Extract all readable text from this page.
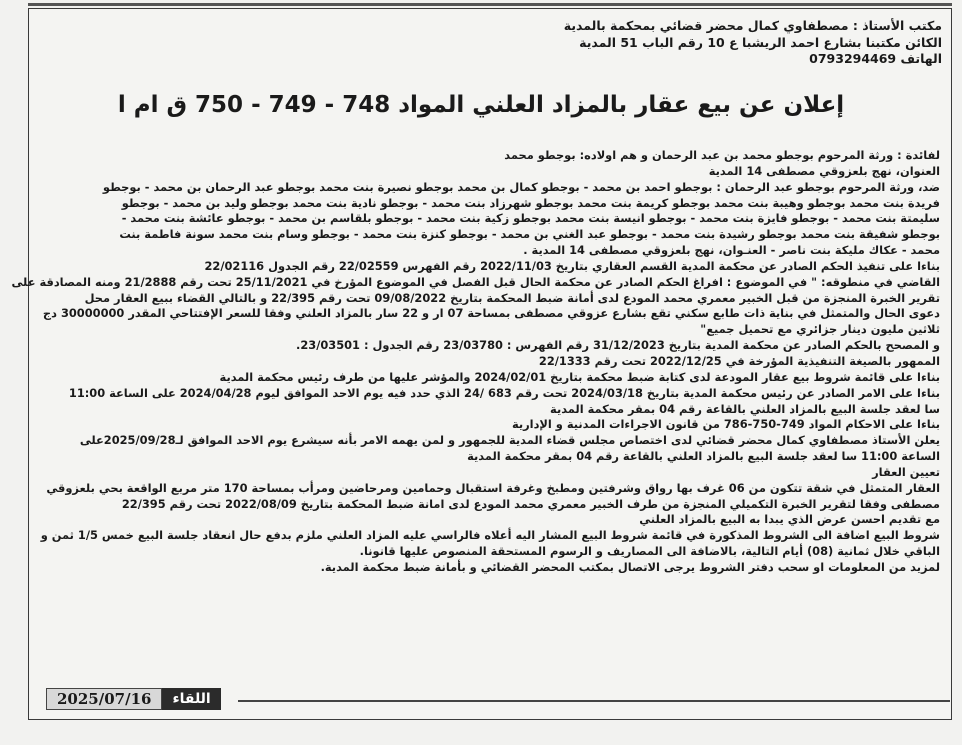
مكتب الأستاذ : مصطفاوي كمال محضر قضائي بمحكمة بالمدية
الكائن مكتبنا بشارع احمد الريشبا ع 10 رقم الباب 51 المدية
الهاتف 0793294469
إعلان عن بيع عقار بالمزاد العلني المواد 748 - 749 - 750 ق ام ا
لفائدة : ورثة المرحوم بوجطو محمد بن عبد الرحمان و هم اولاده: بوجطو محمد
العنوان، نهج بلعزوقي مصطفى 14 المدية
ضد، ورثة المرحوم بوجطو عبد الرحمان : بوجطو احمد بن محمد - بوجطو كمال بن محمد بوجطو نصيرة بنت محمد بوجطو عبد الرحمان بن محمد - بوجطو
فريدة بنت محمد بوجطو وهيبة بنت محمد بوجطو كريمة بنت محمد بوجطو شهرزاد بنت محمد - بوجطو نادية بنت محمد بوجطو وليد بن محمد - بوجطو
سليمتة بنت محمد - بوجطو فايزة بنت محمد - بوجطو انيسة بنت محمد بوجطو زكية بنت محمد - بوجطو بلقاسم بن محمد - بوجطو عائشة بنت محمد -
بوجطو شفيقة بنت محمد بوجطو رشيدة بنت محمد - بوجطو عبد الغني بن محمد - بوجطو كنزة بنت محمد - بوجطو وسام بنت محمد سونة فاطمة بنت
محمد - عكاك مليكة بنت ناصر - العنـوان، نهج بلعزوقي مصطفى 14 المدية .
بناءا على تنفيذ الحكم الصادر عن محكمة المدية القسم العقاري بتاريخ 2022/11/03 رقم الفهرس 22/02559 رقم الجدول 22/02116
القاضي في منطوقه: " في الموضوع : افراغ الحكم الصادر عن محكمة الحال قبل الفصل في الموضوع المؤرخ في 25/11/2021 تحت رقم 21/2888 ومنه المصادقة على
تقرير الخبرة المنجزة من قبل الخبير معمري محمد المودع لدى أمانة ضبط المحكمة بتاريخ 09/08/2022 تحت رقم 22/395 و بالتالي القضاء ببيع العقار محل
دعوى الحال والمتمثل في بناية ذات طابع سكني تقع بشارع عزوقي مصطفى بمساحة 07 ار و 22 سار بالمزاد العلني وفقا للسعر الإفتتاحي المقدر 30000000 دج
ثلاثين مليون دينار جزائري مع تحميل جميع"
و المصحح بالحكم الصادر عن محكمة المدية بتاريخ 31/12/2023 رقم الفهرس : 23/03780 رقم الجدول : 23/03501.
الممهور بالصيغة التنفيذية المؤرخة في 2022/12/25 تحت رقم 22/1333
بناءا على قائمة شروط بيع عقار المودعة لدى كتابة ضبط محكمة بتاريخ 2024/02/01 والمؤشر عليها من طرف رئيس محكمة المدية
بناءا على الامر الصادر عن رئيس محكمة المدية بتاريخ 2024/03/18 تحت رقم 683 /24 الذي حدد فيه يوم الاحد الموافق ليوم 2024/04/28 على الساعة 11:00
سا لعقد جلسة البيع بالمزاد العلني بالقاعة رقم 04 بمقر محكمة المدية
بناءا على الاحكام المواد 749-750-786 من قانون الاجراءات المدنية و الإدارية
يعلن الأستاذ مصطفاوي كمال محضر قضائي لدى اختصاص مجلس قضاء المدية للجمهور و لمن يهمه الامر بأنه سيشرع يوم الاحد الموافق لـ2025/09/28على
الساعة 11:00 سا لعقد جلسة البيع بالمزاد العلني بالقاعة رقم 04 بمقر محكمة المدية
تعيين العقار
العقار المتمثل في شقة تتكون من 06 غرف بها رواق وشرفتين ومطبخ وغرفة استقبال وحمامين ومرحاضين ومرأب بمساحة 170 متر مربع الواقعة بحي بلعزوقي
مصطفى وفقا لتقرير الخبرة التكميلي المنجزة من طرف الخبير معمري محمد المودع لدى امانة ضبط المحكمة بتاريخ 2022/08/09 تحت رقم 22/395
مع تقديم احسن عرض الذي يبدا به البيع بالمزاد العلني
شروط البيع اضافة الى الشروط المذكورة في قائمة شروط البيع المشار اليه أعلاه فالراسي عليه المزاد العلني ملزم بدفع حال انعقاد جلسة البيع خمس 1/5 ثمن و
الباقي خلال ثمانية (08) أيام التالية، بالاضافة الى المصاريف و الرسوم المستحقة المنصوص عليها قانونا.
لمزيد من المعلومات او سحب دفتر الشروط يرجى الاتصال بمكتب المحضر القضائي و بأمانة ضبط محكمة المدية.
2025/07/16	اللقاء
